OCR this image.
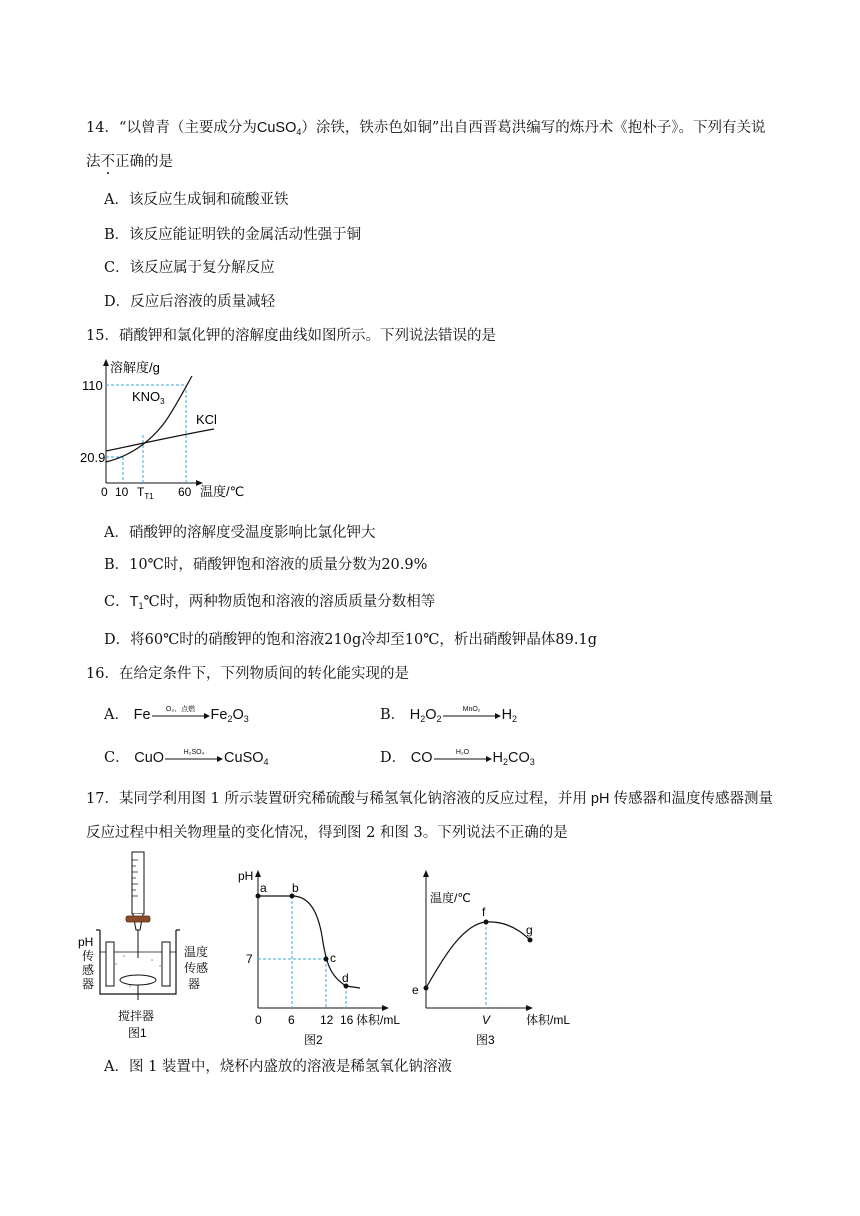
14．“以曾青（主要成分为CuSO$_4$）涂铁，铁赤色如铜”出自西晋葛洪编写的炼丹术《抱朴子》。下列有关说
法不正确的是
A．该反应生成铜和硫酸亚铁
B．该反应能证明铁的金属活动性强于铜
C．该反应属于复分解反应
D．反应后溶液的质量减轻
15．硝酸钾和氯化钾的溶解度曲线如图所示。下列说法错误的是
溶解度/g
温度/℃
110
20.9
0 10 $T_{T1}$ 60
$KNO_3$
KCl
A．硝酸钾的溶解度受温度影响比氯化钾大
B．10℃时，硝酸钾饱和溶液的质量分数为20.9%
C．$T_1℃$时，两种物质饱和溶液的溶质质量分数相等
D．将60℃时的硝酸钾的饱和溶液210g冷却至10℃，析出硝酸钾晶体89.1g
16．在给定条件下，下列物质间的转化能实现的是
A． Fe	O₂、点燃	$Fe_2O_3$	B． $H_2O_2$
MnO₂	$H_2$
C． CuO	H₂SO₄	CuSO$_4$	D． CO	H₂O	$H_2CO_3$
17．某同学利用图 1 所示装置研究稀硫酸与稀氢氧化钠溶液的反应过程，并用 pH 传感器和温度传感器测量
反应过程中相关物理量的变化情况，得到图 2 和图 3。下列说法不正确的是
pH
传
感
器
温度
传感
器
搅拌器
图1
pH
7
0 6 12 16 体积/mL
图2
a b
c
d
温度/℃
e
V	体积/mL
图3
f
g
A．图 1 装置中，烧杯内盛放的溶液是稀氢氧化钠溶液
